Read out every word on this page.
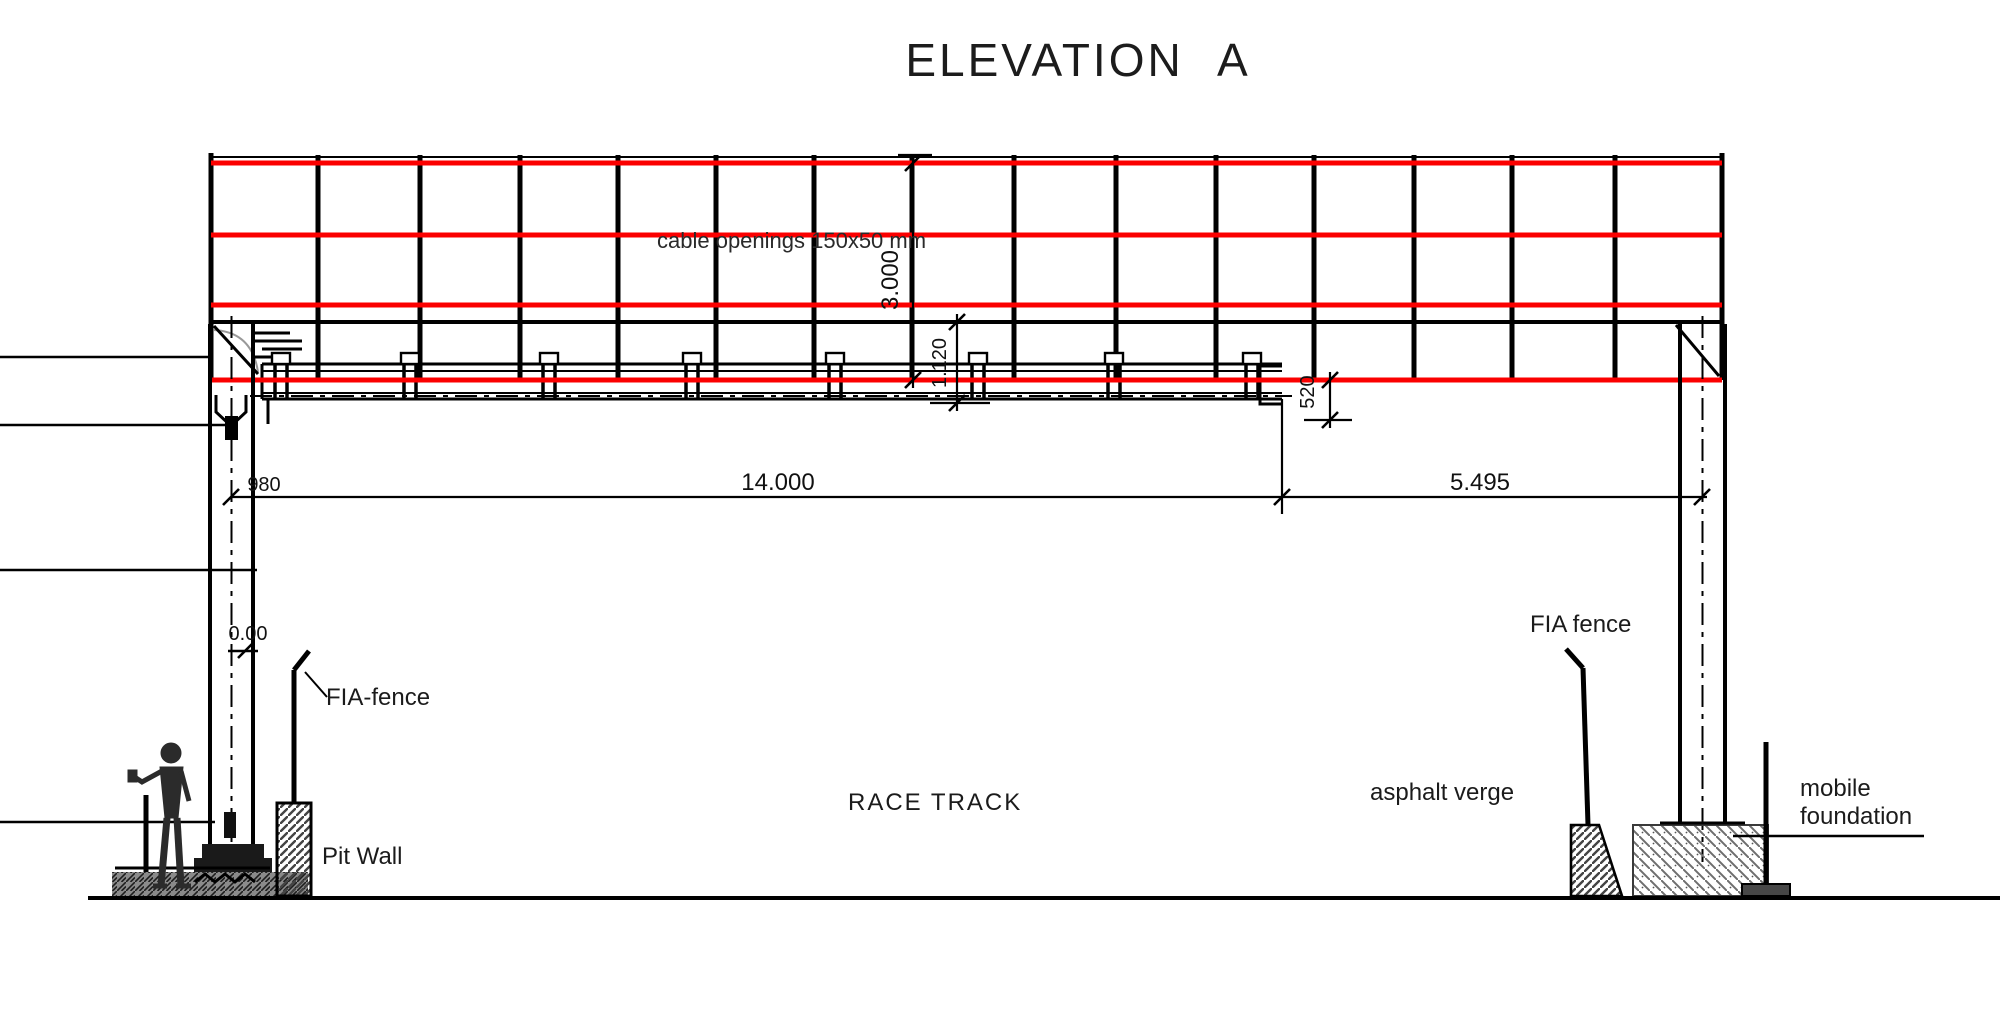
ELEVATION A
cable openings 150x50 mm
14.000	5.495
980
0.00
3.000
1.120
520
FIA-fence
Pit Wall
FIA fence
RACE TRACK	asphalt verge	mobile
foundation
